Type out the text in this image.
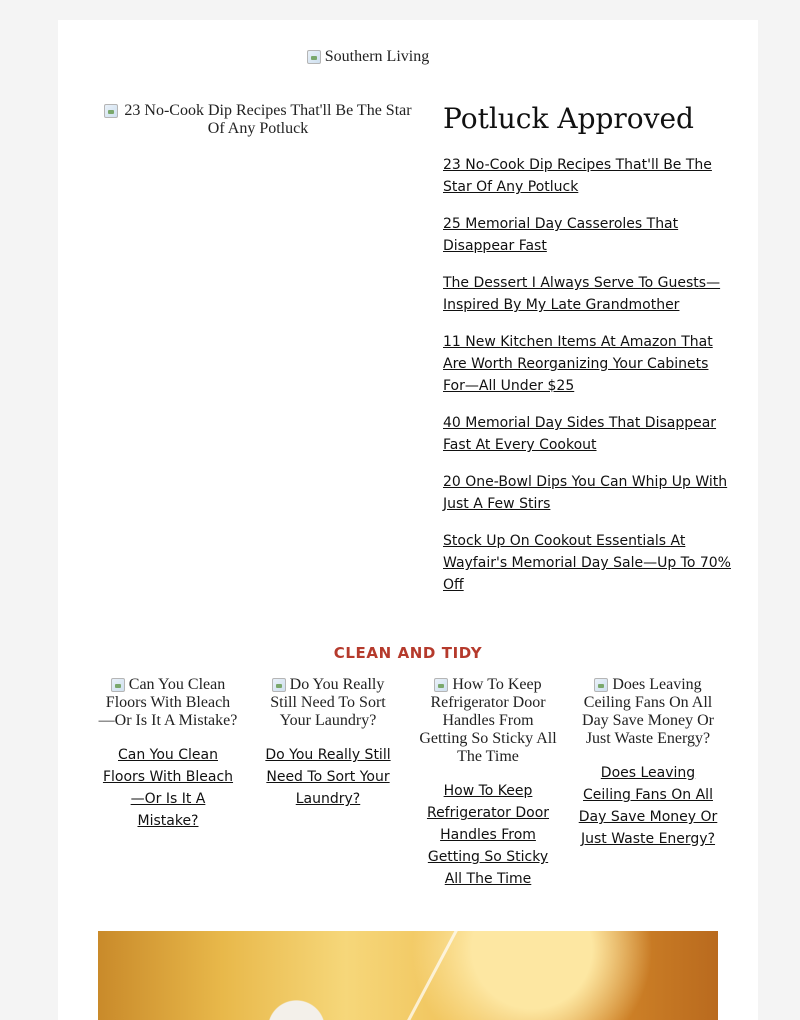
Southern Living
23 No-Cook Dip Recipes That'll Be The Star Of Any Potluck	Potluck Approved
23 No-Cook Dip Recipes That'll Be The Star Of Any Potluck
25 Memorial Day Casseroles That Disappear Fast
The Dessert I Always Serve To Guests—Inspired By My Late Grandmother
11 New Kitchen Items At Amazon That Are Worth Reorganizing Your Cabinets For—All Under $25
40 Memorial Day Sides That Disappear Fast At Every Cookout
20 One-Bowl Dips You Can Whip Up With Just A Few Stirs
Stock Up On Cookout Essentials At Wayfair's Memorial Day Sale—Up To 70% Off
CLEAN AND TIDY
Can You Clean Floors With Bleach—Or Is It A Mistake?
Can You Clean Floors With Bleach—Or Is It A Mistake?
Do You Really Still Need To Sort Your Laundry?
Do You Really Still Need To Sort Your Laundry?
How To Keep Refrigerator Door Handles From Getting So Sticky All The Time
How To Keep Refrigerator Door Handles From Getting So Sticky All The Time
Does Leaving Ceiling Fans On All Day Save Money Or Just Waste Energy?
Does Leaving Ceiling Fans On All Day Save Money Or Just Waste Energy?
